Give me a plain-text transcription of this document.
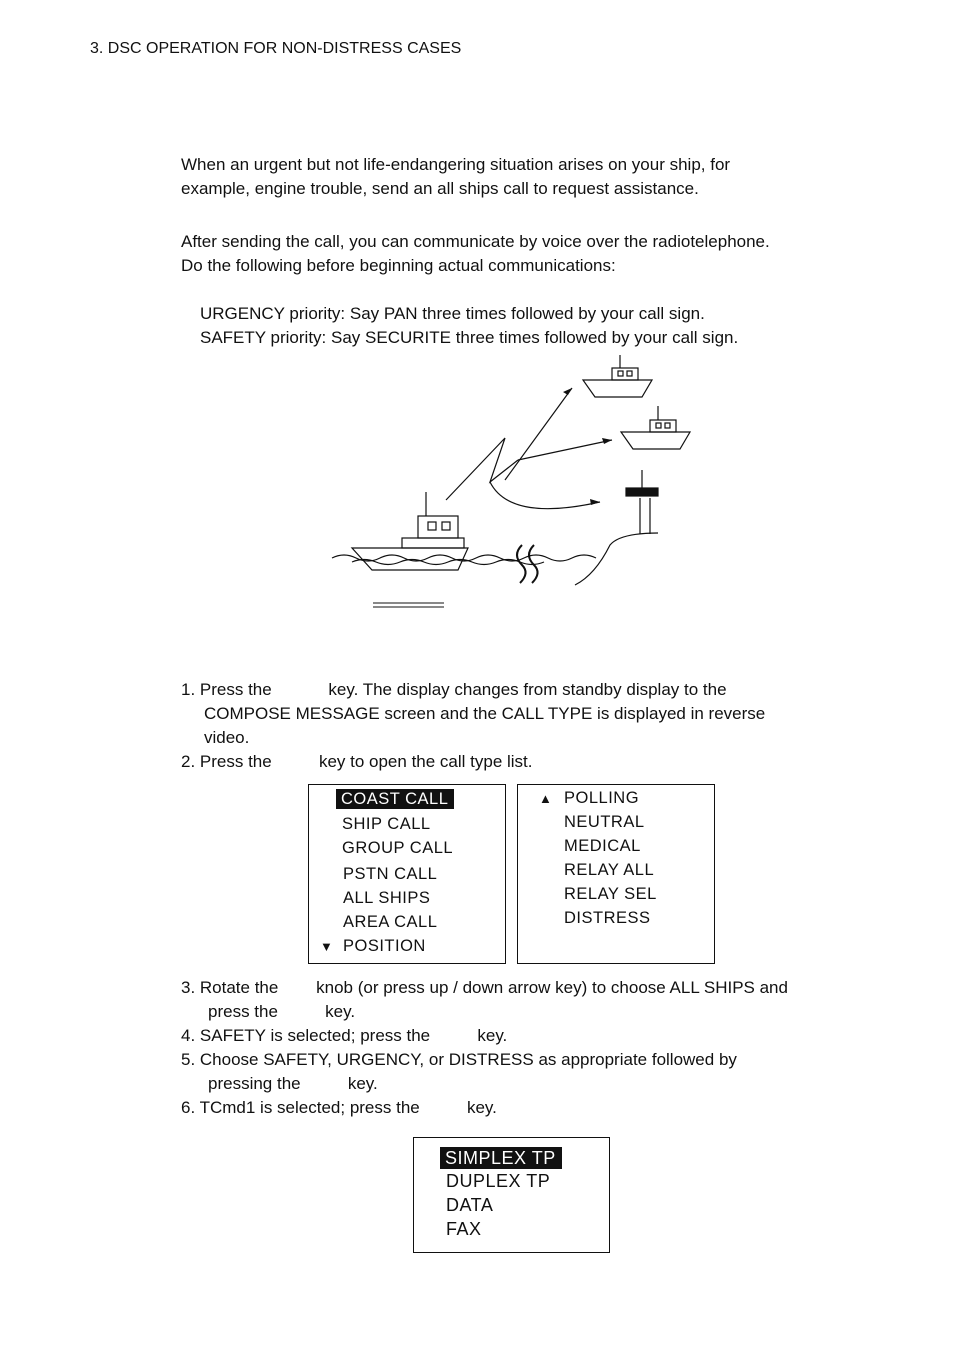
3. DSC OPERATION FOR NON-DISTRESS CASES
When an urgent but not life-endangering situation arises on your ship, for
example, engine trouble, send an all ships call to request assistance.
After sending the call, you can communicate by voice over the radiotelephone.
Do the following before beginning actual communications:
URGENCY priority: Say PAN three times followed by your call sign.
SAFETY priority: Say SECURITE three times followed by your call sign.
1. Press the            key. The display changes from standby display to the
COMPOSE MESSAGE screen and the CALL TYPE is displayed in reverse
video.
2. Press the          key to open the call type list.
COAST CALL
SHIP CALL
GROUP CALL
PSTN CALL
ALL SHIPS
AREA CALL
▼ POSITION
▲ POLLING
NEUTRAL
MEDICAL
RELAY ALL
RELAY SEL
DISTRESS
3. Rotate the        knob (or press up / down arrow key) to choose ALL SHIPS and
press the          key.
4. SAFETY is selected; press the          key.
5. Choose SAFETY, URGENCY, or DISTRESS as appropriate followed by
pressing the          key.
6. TCmd1 is selected; press the          key.
SIMPLEX TP
DUPLEX TP
DATA
FAX
